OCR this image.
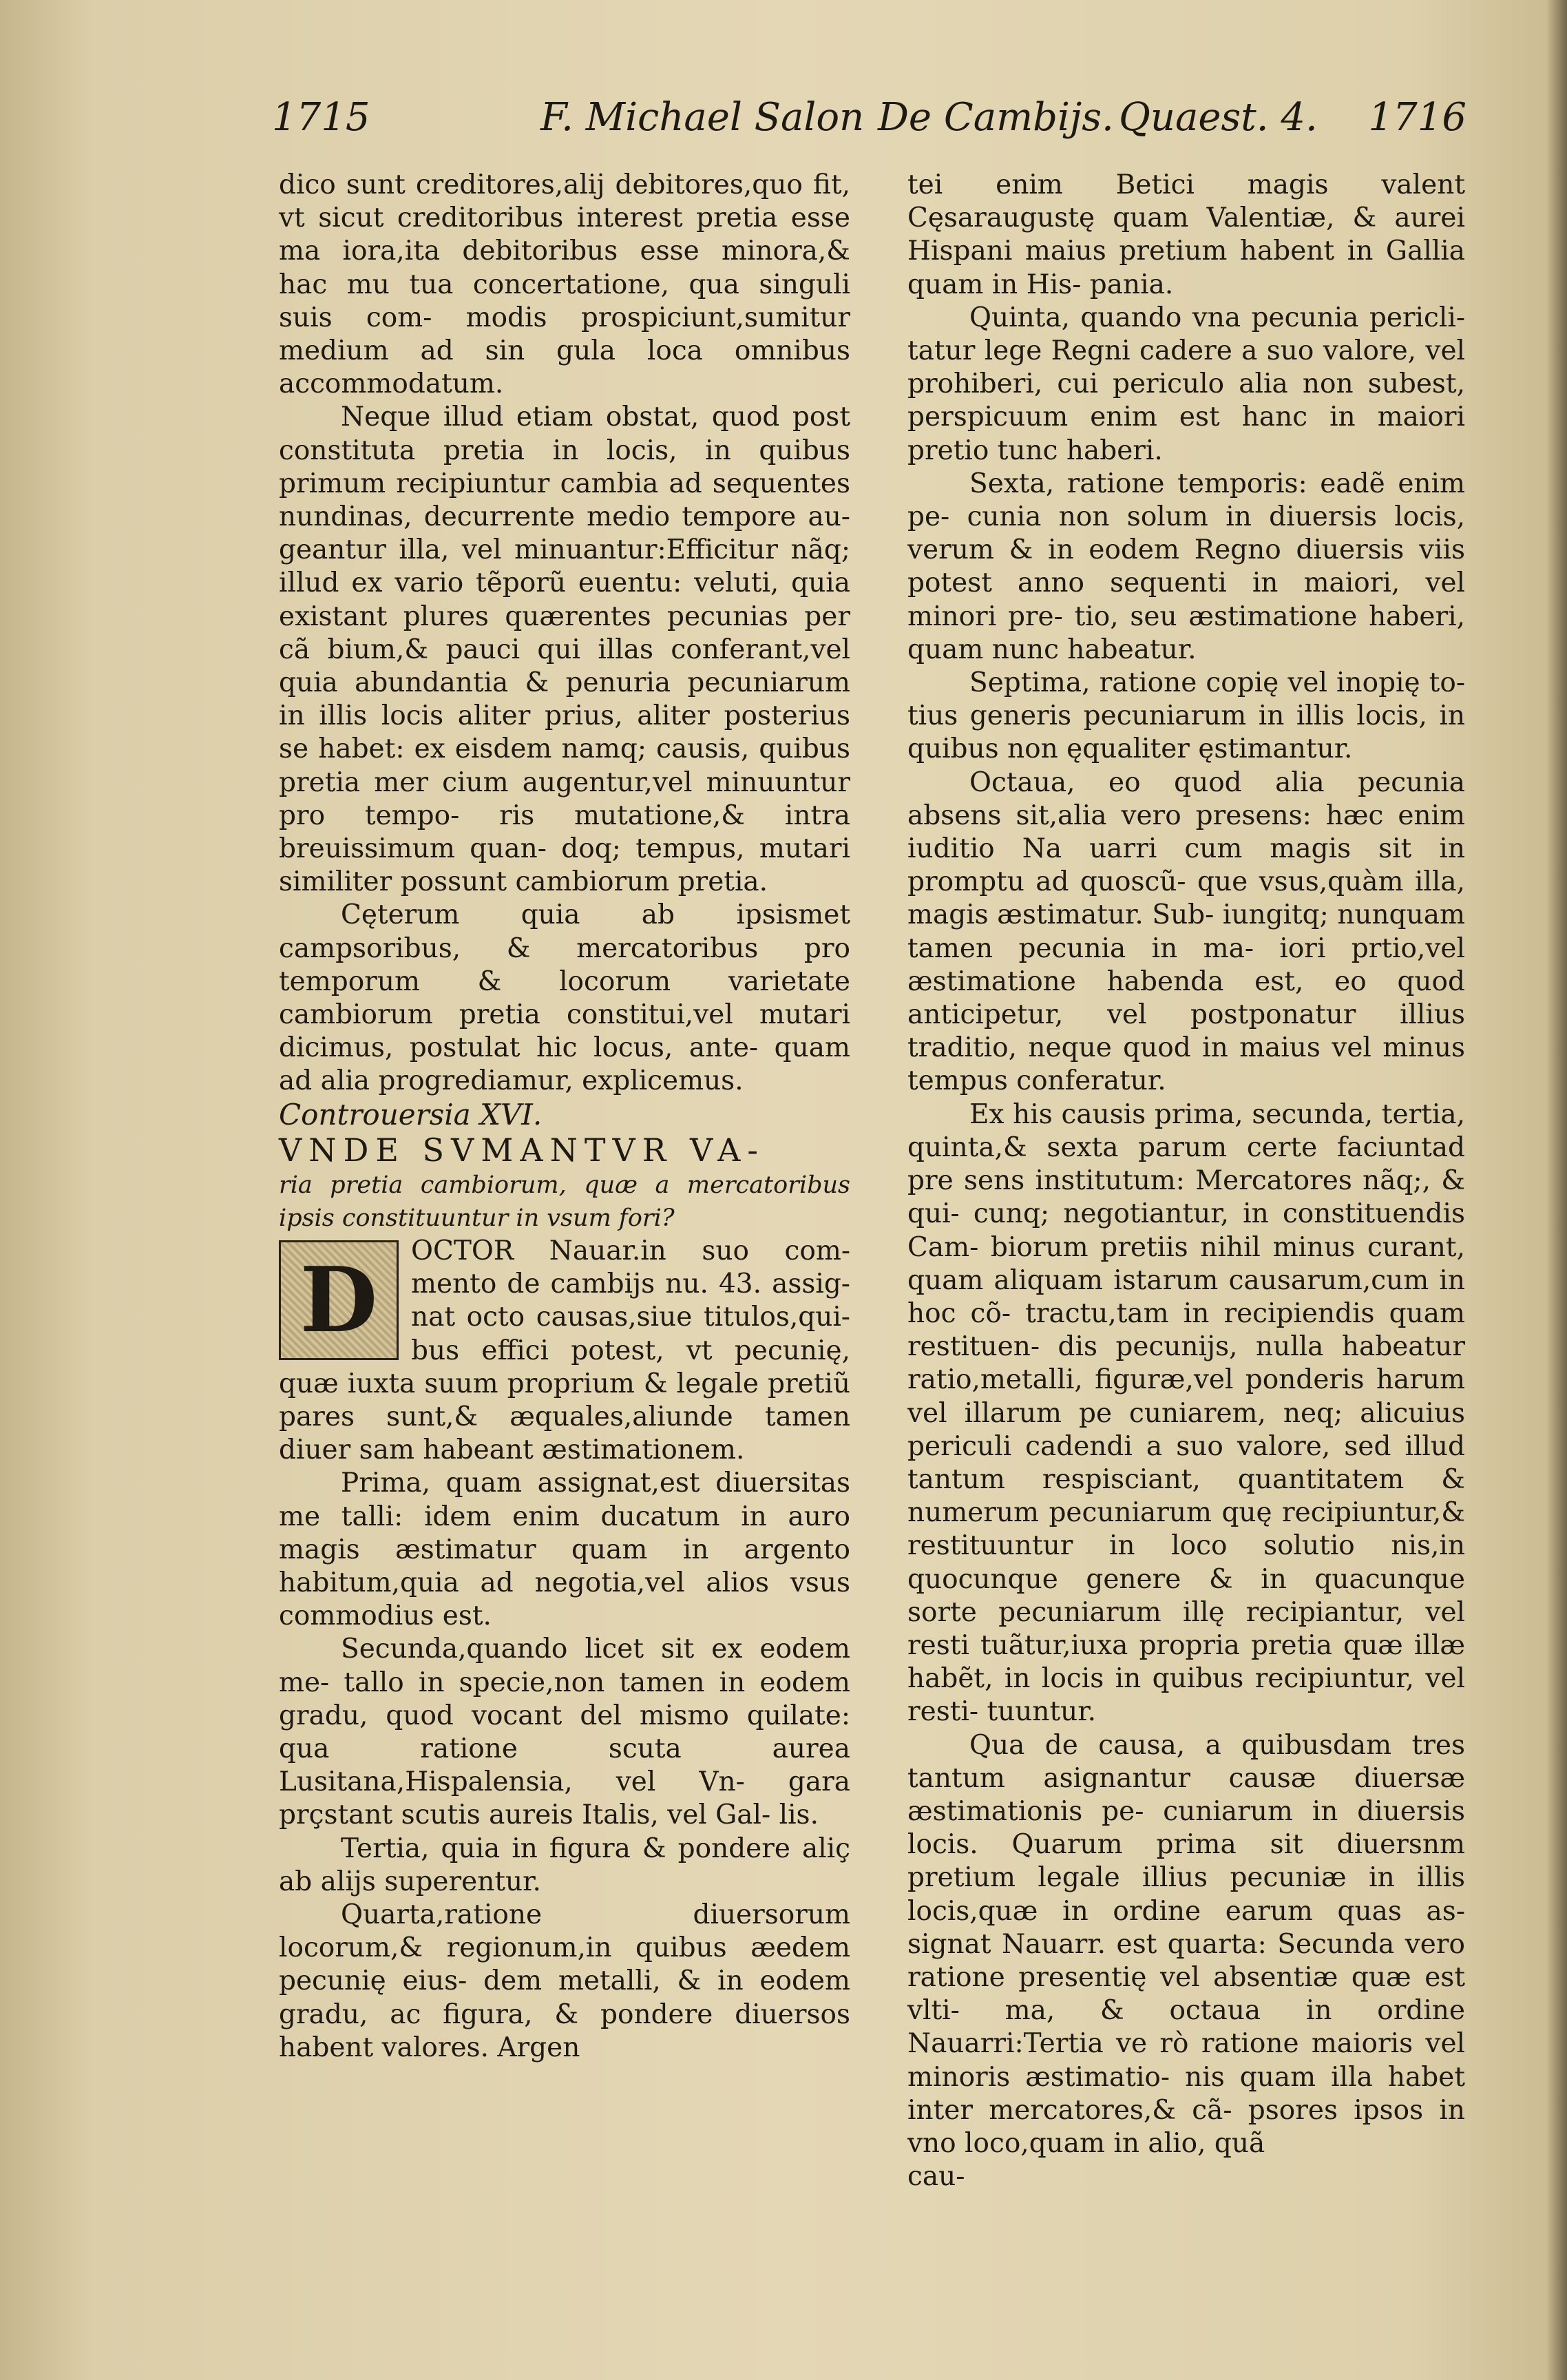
1715	F. Michael Salon De Cambijs. Quaest. 4. 1716

dico sunt creditores,alij debitores,quo fit, vt sicut creditoribus interest pretia esse ma iora,ita debitoribus esse minora,& hac mu tua concertatione, qua singuli suis com- modis prospiciunt,sumitur medium ad sin gula loca omnibus accommodatum.

Neque illud etiam obstat, quod post constituta pretia in locis, in quibus primum recipiuntur cambia ad sequentes nundinas, decurrente medio tempore au- geantur illa, vel minuantur:Efficitur nãq; illud ex vario tẽporũ euentu: veluti, quia existant plures quærentes pecunias per cã bium,& pauci qui illas conferant,vel quia abundantia & penuria pecuniarum in illis locis aliter prius, aliter posterius se habet: ex eisdem namq; causis, quibus pretia mer cium augentur,vel minuuntur pro tempo- ris mutatione,& intra breuissimum quan- doq; tempus, mutari similiter possunt cambiorum pretia.

Cęterum quia ab ipsismet campsoribus, & mercatoribus pro temporum & locorum varietate cambiorum pretia constitui,vel mutari dicimus, postulat hic locus, ante- quam ad alia progrediamur, explicemus.

Controuersia XVI.

VNDE SVMANTVR VA-

ria pretia cambiorum, quæ a mercatoribus ipsis constituuntur in vsum fori?

D	OCTOR Nauar.in suo com- mento de cambijs nu. 43. assig- nat octo causas,siue titulos,qui- bus effici potest, vt pecunię, quæ iuxta suum proprium & legale pretiũ pares sunt,& æquales,aliunde tamen diuer sam habeant æstimationem.

Prima, quam assignat,est diuersitas me talli: idem enim ducatum in auro magis æstimatur quam in argento habitum,quia ad negotia,vel alios vsus commodius est.

Secunda,quando licet sit ex eodem me- tallo in specie,non tamen in eodem gradu, quod vocant del mismo quilate: qua ratione scuta aurea Lusitana,Hispalensia, vel Vn- gara prçstant scutis aureis Italis, vel Gal- lis.

Tertia, quia in figura & pondere aliç ab alijs superentur.

Quarta,ratione diuersorum locorum,& regionum,in quibus æedem pecunię eius- dem metalli, & in eodem gradu, ac figura, & pondere diuersos habent valores. Argen

tei enim Betici magis valent Cęsaraugustę quam Valentiæ, & aurei Hispani maius pretium habent in Gallia quam in His- pania.

Quinta, quando vna pecunia pericli- tatur lege Regni cadere a suo valore, vel prohiberi, cui periculo alia non subest, perspicuum enim est hanc in maiori pretio tunc haberi.

Sexta, ratione temporis: eadẽ enim pe- cunia non solum in diuersis locis, verum & in eodem Regno diuersis viis potest anno sequenti in maiori, vel minori pre- tio, seu æstimatione haberi, quam nunc habeatur.

Septima, ratione copię vel inopię to- tius generis pecuniarum in illis locis, in quibus non ęqualiter ęstimantur.

Octaua, eo quod alia pecunia absens sit,alia vero presens: hæc enim iuditio Na uarri cum magis sit in promptu ad quoscũ- que vsus,quàm illa, magis æstimatur. Sub- iungitq; nunquam tamen pecunia in ma- iori prtio,vel æstimatione habenda est, eo quod anticipetur, vel postponatur illius traditio, neque quod in maius vel minus tempus conferatur.

Ex his causis prima, secunda, tertia, quinta,& sexta parum certe faciuntad pre sens institutum: Mercatores nãq;, & qui- cunq; negotiantur, in constituendis Cam- biorum pretiis nihil minus curant, quam aliquam istarum causarum,cum in hoc cõ- tractu,tam in recipiendis quam restituen- dis pecunijs, nulla habeatur ratio,metalli, figuræ,vel ponderis harum vel illarum pe cuniarem, neq; alicuius periculi cadendi a suo valore, sed illud tantum respisciant, quantitatem & numerum pecuniarum quę recipiuntur,& restituuntur in loco solutio nis,in quocunque genere & in quacunque sorte pecuniarum illę recipiantur, vel resti tuãtur,iuxa propria pretia quæ illæ habẽt, in locis in quibus recipiuntur, vel resti- tuuntur.

Qua de causa, a quibusdam tres tantum asignantur causæ diuersæ æstimationis pe- cuniarum in diuersis locis. Quarum prima sit diuersnm pretium legale illius pecuniæ in illis locis,quæ in ordine earum quas as- signat Nauarr. est quarta: Secunda vero ratione presentię vel absentiæ quæ est vlti- ma, & octaua in ordine Nauarri:Tertia ve rò ratione maioris vel minoris æstimatio- nis quam illa habet inter mercatores,& cã- psores ipsos in vno loco,quam in alio, quã

cau-
